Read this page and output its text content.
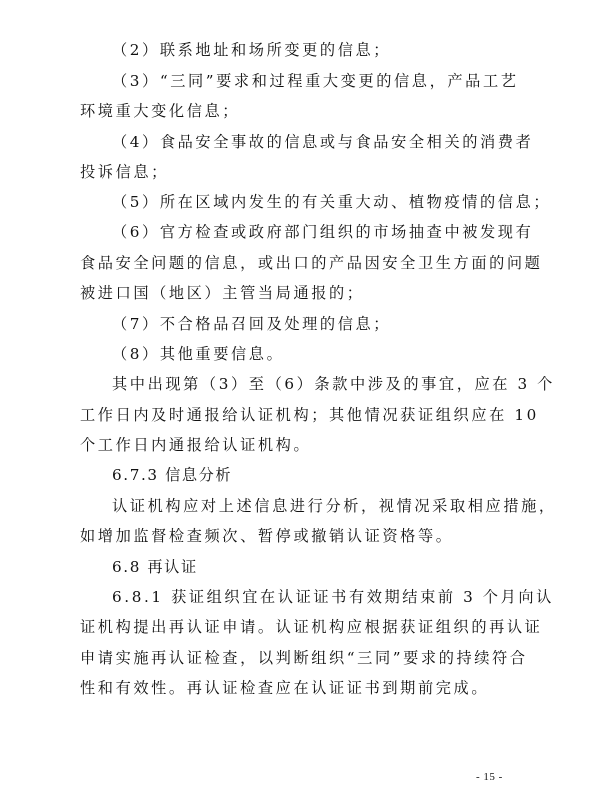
（2）联系地址和场所变更的信息；
（3）“三同”要求和过程重大变更的信息，产品工艺
环境重大变化信息；
（4）食品安全事故的信息或与食品安全相关的消费者
投诉信息；
（5）所在区域内发生的有关重大动、植物疫情的信息；
（6）官方检查或政府部门组织的市场抽查中被发现有
食品安全问题的信息，或出口的产品因安全卫生方面的问题
被进口国（地区）主管当局通报的；
（7）不合格品召回及处理的信息；
（8）其他重要信息。
其中出现第（3）至（6）条款中涉及的事宜，应在 3 个
工作日内及时通报给认证机构；其他情况获证组织应在 10
个工作日内通报给认证机构。
6.7.3 信息分析
认证机构应对上述信息进行分析，视情况采取相应措施，
如增加监督检查频次、暂停或撤销认证资格等。
6.8 再认证
6.8.1 获证组织宜在认证证书有效期结束前 3 个月向认
证机构提出再认证申请。认证机构应根据获证组织的再认证
申请实施再认证检查，以判断组织“三同”要求的持续符合
性和有效性。再认证检查应在认证证书到期前完成。
- 15 -
